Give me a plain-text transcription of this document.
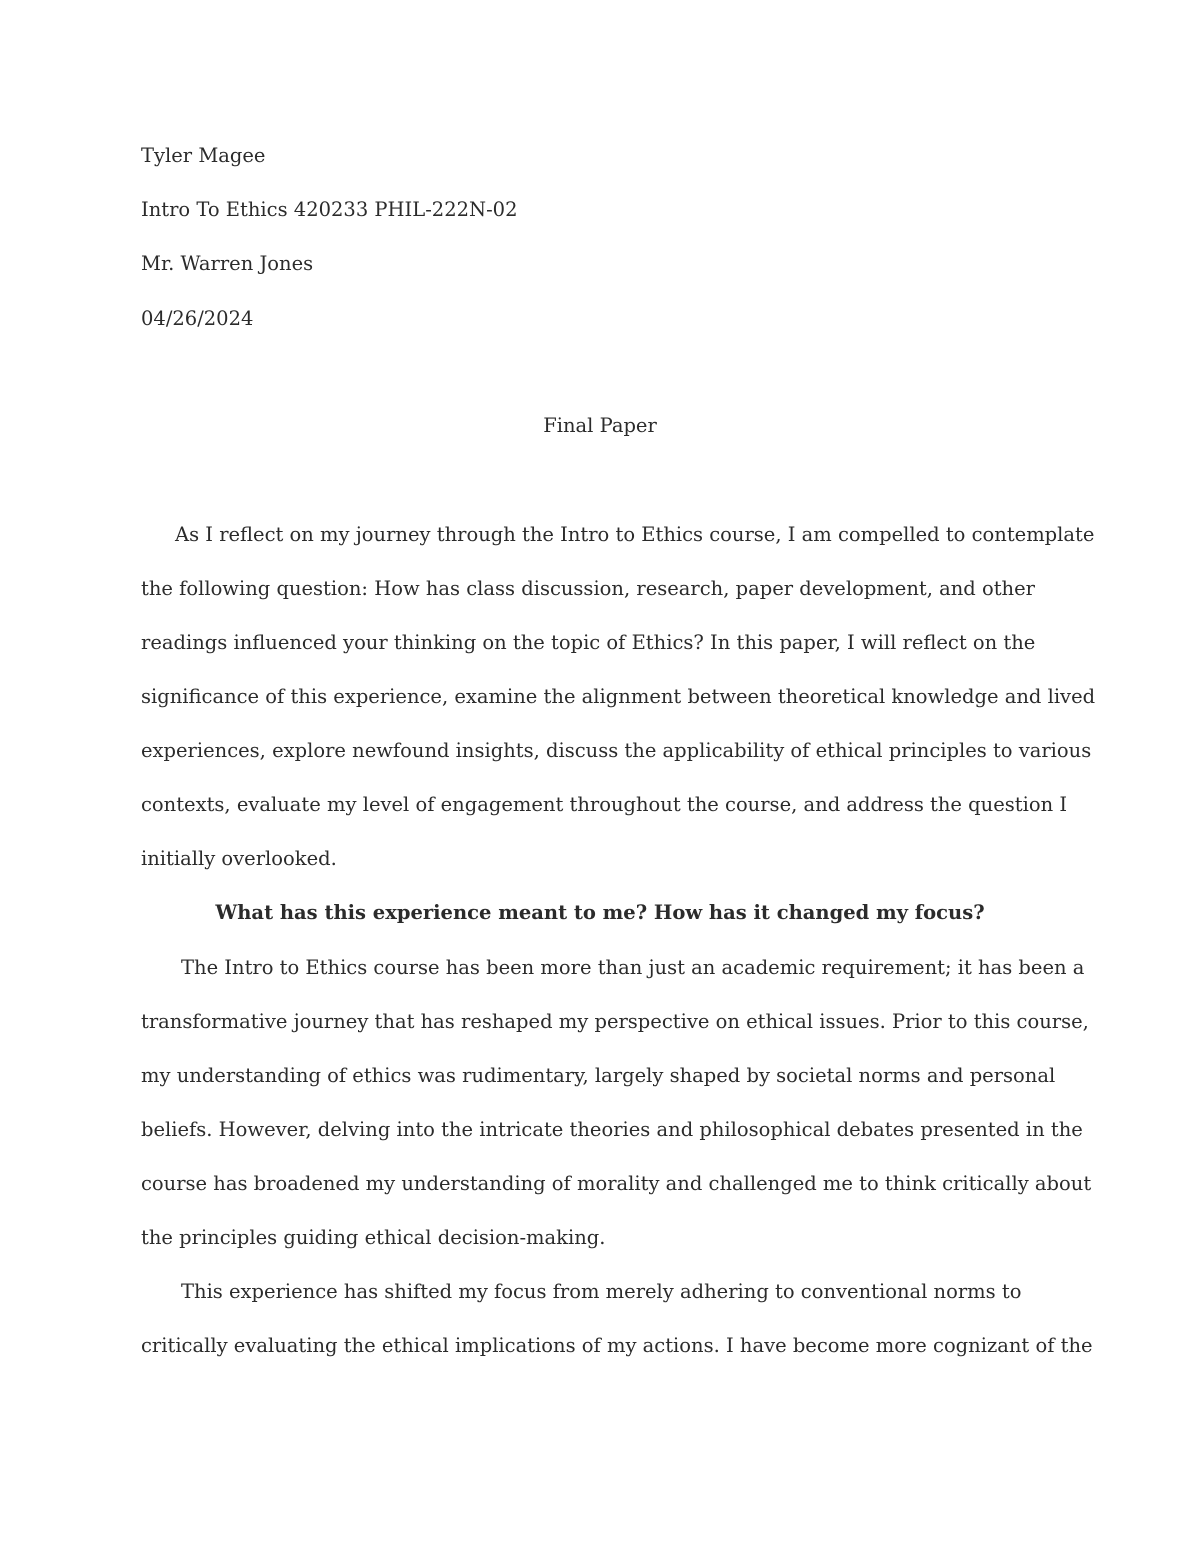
Tyler Magee
Intro To Ethics 420233 PHIL-222N-02
Mr. Warren Jones
04/26/2024
Final Paper
As I reflect on my journey through the Intro to Ethics course, I am compelled to contemplate
the following question: How has class discussion, research, paper development, and other
readings influenced your thinking on the topic of Ethics? In this paper, I will reflect on the
significance of this experience, examine the alignment between theoretical knowledge and lived
experiences, explore newfound insights, discuss the applicability of ethical principles to various
contexts, evaluate my level of engagement throughout the course, and address the question I
initially overlooked.
What has this experience meant to me? How has it changed my focus?
The Intro to Ethics course has been more than just an academic requirement; it has been a
transformative journey that has reshaped my perspective on ethical issues. Prior to this course,
my understanding of ethics was rudimentary, largely shaped by societal norms and personal
beliefs. However, delving into the intricate theories and philosophical debates presented in the
course has broadened my understanding of morality and challenged me to think critically about
the principles guiding ethical decision-making.
This experience has shifted my focus from merely adhering to conventional norms to
critically evaluating the ethical implications of my actions. I have become more cognizant of the
